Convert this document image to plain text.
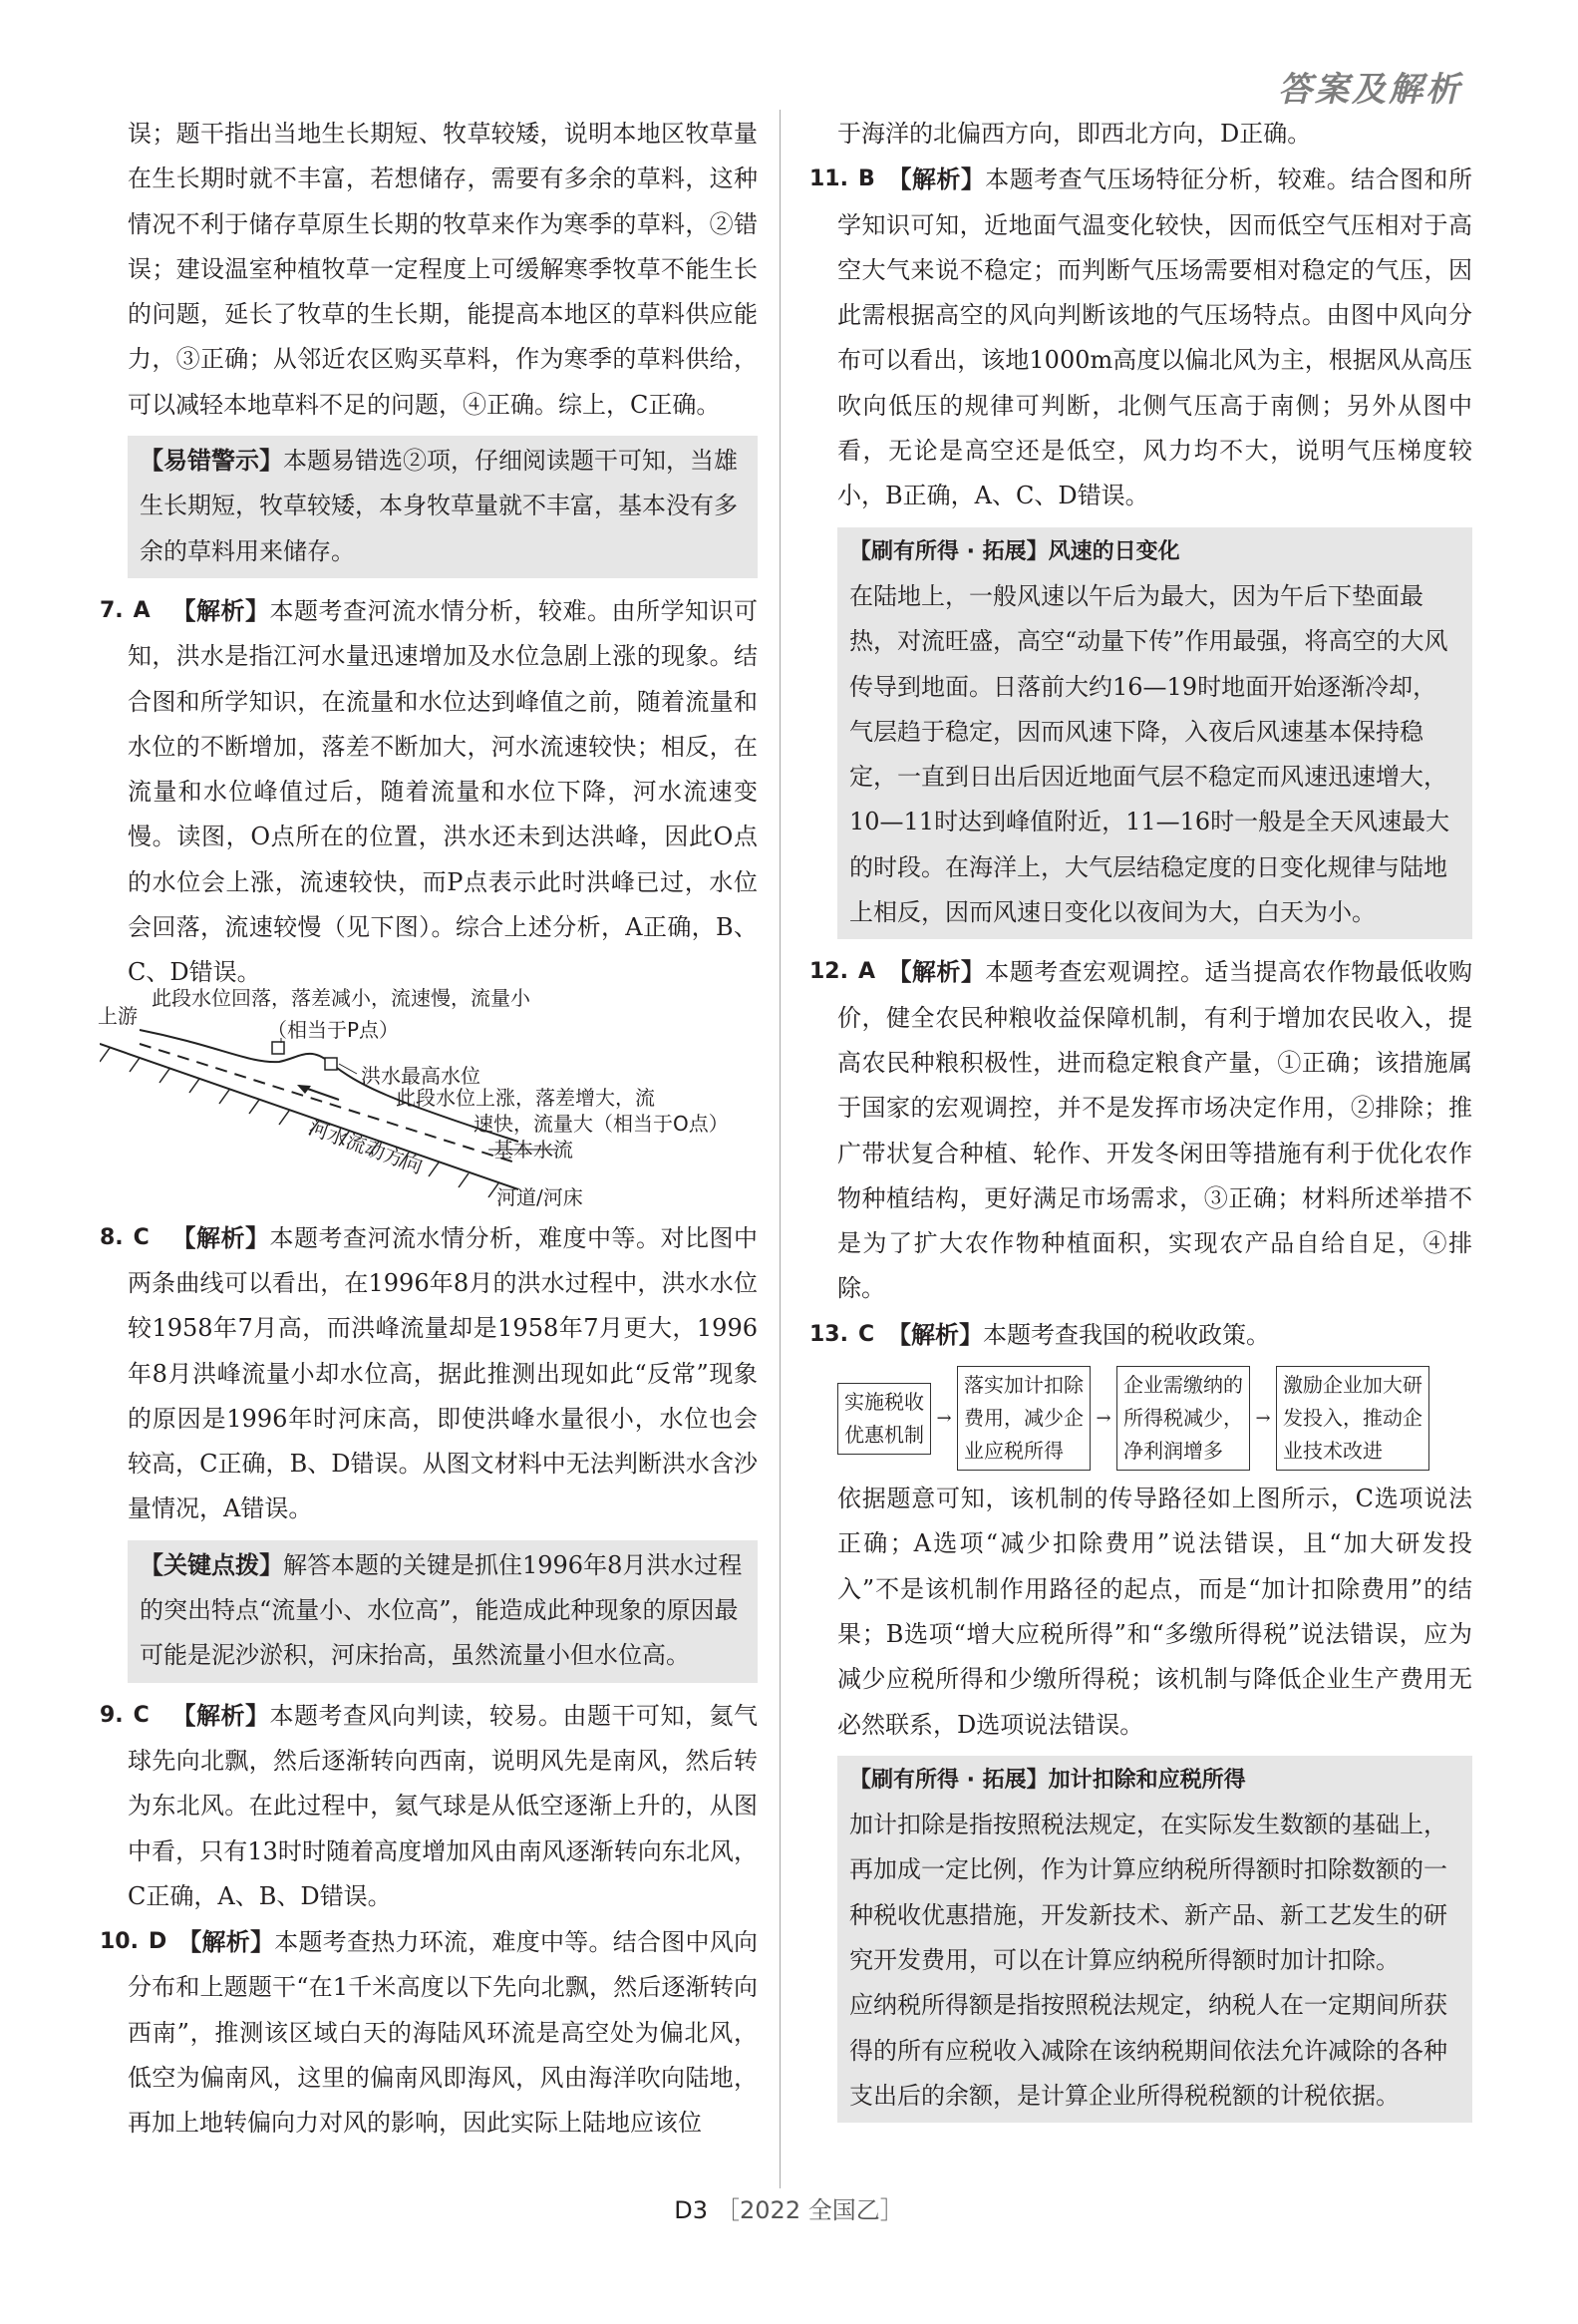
答案及解析

误；题干指出当地生长期短、牧草较矮，说明本地区牧草量在生长期时就不丰富，若想储存，需要有多余的草料，这种情况不利于储存草原生长期的牧草来作为寒季的草料，②错误；建设温室种植牧草一定程度上可缓解寒季牧草不能生长的问题，延长了牧草的生长期，能提高本地区的草料供应能力，③正确；从邻近农区购买草料，作为寒季的草料供给，可以减轻本地草料不足的问题，④正确。综上，C正确。

【易错警示】本题易错选②项，仔细阅读题干可知，当雄生长期短，牧草较矮，本身牧草量就不丰富，基本没有多余的草料用来储存。

7. A 【解析】本题考查河流水情分析，较难。由所学知识可知，洪水是指江河水量迅速增加及水位急剧上涨的现象。结合图和所学知识，在流量和水位达到峰值之前，随着流量和水位的不断增加，落差不断加大，河水流速较快；相反，在流量和水位峰值过后，随着流量和水位下降，河水流速变慢。读图，O点所在的位置，洪水还未到达洪峰，因此O点的水位会上涨，流速较快，而P点表示此时洪峰已过，水位会回落，流速较慢（见下图）。综合上述分析，A正确，B、C、D错误。

上游
此段水位回落，落差减小，流速慢，流量小
（相当于P点）
洪水最高水位
此段水位上涨，落差增大，流
速快，流量大（相当于O点）
基本水流
河水流动方向
河道/河床

8. C 【解析】本题考查河流水情分析，难度中等。对比图中两条曲线可以看出，在1996年8月的洪水过程中，洪水水位较1958年7月高，而洪峰流量却是1958年7月更大，1996年8月洪峰流量小却水位高，据此推测出现如此“反常”现象的原因是1996年时河床高，即使洪峰水量很小，水位也会较高，C正确，B、D错误。从图文材料中无法判断洪水含沙量情况，A错误。

【关键点拨】解答本题的关键是抓住1996年8月洪水过程的突出特点“流量小、水位高”，能造成此种现象的原因最可能是泥沙淤积，河床抬高，虽然流量小但水位高。

9. C 【解析】本题考查风向判读，较易。由题干可知，氦气球先向北飘，然后逐渐转向西南，说明风先是南风，然后转为东北风。在此过程中，氦气球是从低空逐渐上升的，从图中看，只有13时时随着高度增加风由南风逐渐转向东北风，C正确，A、B、D错误。

10. D 【解析】本题考查热力环流，难度中等。结合图中风向分布和上题题干“在1千米高度以下先向北飘，然后逐渐转向西南”，推测该区域白天的海陆风环流是高空处为偏北风，低空为偏南风，这里的偏南风即海风，风由海洋吹向陆地，再加上地转偏向力对风的影响，因此实际上陆地应该位

于海洋的北偏西方向，即西北方向，D正确。

11. B 【解析】本题考查气压场特征分析，较难。结合图和所学知识可知，近地面气温变化较快，因而低空气压相对于高空大气来说不稳定；而判断气压场需要相对稳定的气压，因此需根据高空的风向判断该地的气压场特点。由图中风向分布可以看出，该地1000m高度以偏北风为主，根据风从高压吹向低压的规律可判断，北侧气压高于南侧；另外从图中看，无论是高空还是低空，风力均不大，说明气压梯度较小，B正确，A、C、D错误。

【刷有所得 · 拓展】风速的日变化
在陆地上，一般风速以午后为最大，因为午后下垫面最热，对流旺盛，高空“动量下传”作用最强，将高空的大风传导到地面。日落前大约16—19时地面开始逐渐冷却，气层趋于稳定，因而风速下降，入夜后风速基本保持稳定，一直到日出后因近地面气层不稳定而风速迅速增大，10—11时达到峰值附近，11—16时一般是全天风速最大的时段。在海洋上，大气层结稳定度的日变化规律与陆地上相反，因而风速日变化以夜间为大，白天为小。

12. A 【解析】本题考查宏观调控。适当提高农作物最低收购价，健全农民种粮收益保障机制，有利于增加农民收入，提高农民种粮积极性，进而稳定粮食产量，①正确；该措施属于国家的宏观调控，并不是发挥市场决定作用，②排除；推广带状复合种植、轮作、开发冬闲田等措施有利于优化农作物种植结构，更好满足市场需求，③正确；材料所述举措不是为了扩大农作物种植面积，实现农产品自给自足，④排除。

13. C 【解析】本题考查我国的税收政策。

实施税收
优惠机制
→
落实加计扣除
费用，减少企
业应税所得
→
企业需缴纳的
所得税减少，
净利润增多
→
激励企业加大研
发投入，推动企
业技术改进

依据题意可知，该机制的传导路径如上图所示，C选项说法正确；A选项“减少扣除费用”说法错误，且“加大研发投入”不是该机制作用路径的起点，而是“加计扣除费用”的结果；B选项“增大应税所得”和“多缴所得税”说法错误，应为减少应税所得和少缴所得税；该机制与降低企业生产费用无必然联系，D选项说法错误。

【刷有所得 · 拓展】加计扣除和应税所得
加计扣除是指按照税法规定，在实际发生数额的基础上，再加成一定比例，作为计算应纳税所得额时扣除数额的一种税收优惠措施，开发新技术、新产品、新工艺发生的研究开发费用，可以在计算应纳税所得额时加计扣除。
应纳税所得额是指按照税法规定，纳税人在一定期间所获得的所有应税收入减除在该纳税期间依法允许减除的各种支出后的余额，是计算企业所得税税额的计税依据。
D3 ［2022 全国乙］
